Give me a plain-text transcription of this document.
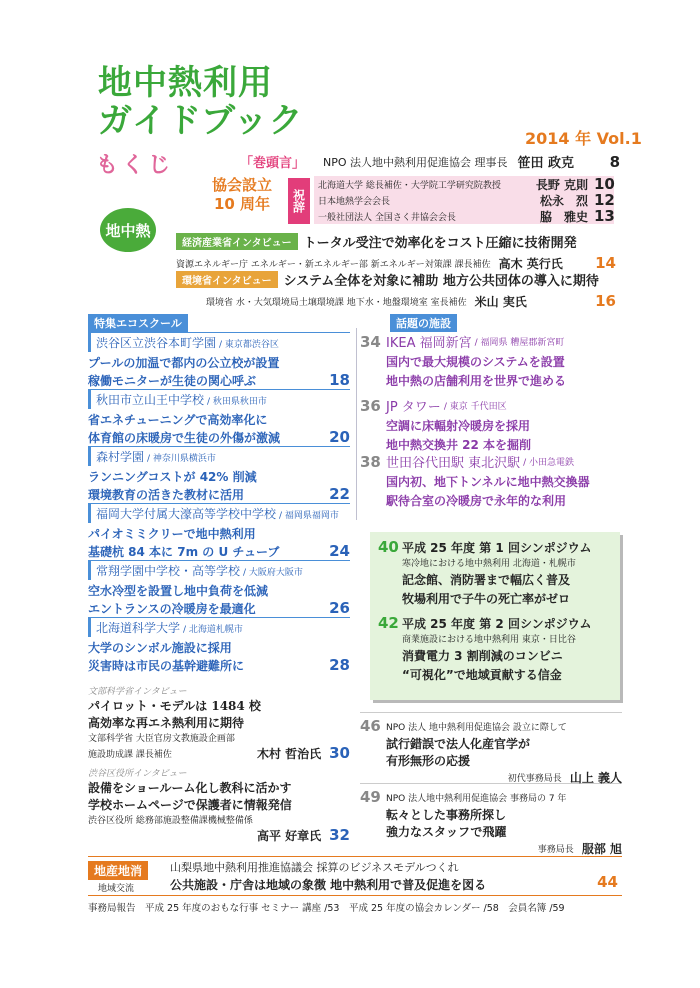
地中熱利用
ガイドブック	2014 年 Vol.1
もくじ
地中熱
「巻頭言」 NPO 法人地中熱利用促進協会 理事長 笹田 政克 8
協会設立
10 周年 祝辞
北海道大学 総長補佐・大学院工学研究院教授	長野 克則 10
日本地熱学会会長	松永　烈 12
一般社団法人 全国さく井協会会長	脇　雅史 13
経済産業省インタビュー トータル受注で効率化をコスト圧縮に技術開発
資源エネルギー庁 エネルギー・新エネルギー部 新エネルギー対策課 課長補佐 高木 英行氏 14
環境省インタビュー システム全体を対象に補助 地方公共団体の導入に期待
環境省 水・大気環境局土壌環境課 地下水・地盤環境室 室長補佐 米山 実氏	16
特集エコスクール
渋谷区立渋谷本町学園 / 東京都渋谷区
プールの加温で都内の公立校が設置
稼働モニターが生徒の関心呼ぶ	18
秋田市立山王中学校 / 秋田県秋田市
省エネチューニングで高効率化に
体育館の床暖房で生徒の外傷が激減	20
森村学園 / 神奈川県横浜市
ランニングコストが 42% 削減
環境教育の活きた教材に活用	22
福岡大学付属大濠高等学校中学校 / 福岡県福岡市
パイオミミクリーで地中熱利用
基礎杭 84 本に 7m の U チューブ	24
常翔学園中学校・高等学校 / 大阪府大阪市
空水冷型を設置し地中負荷を低減
エントランスの冷暖房を最適化	26
北海道科学大学 / 北海道札幌市
大学のシンボル施設に採用
災害時は市民の基幹避難所に	28
文部科学省インタビュー
パイロット・モデルは 1484 校
高効率な再エネ熱利用に期待
文部科学省 大臣官房文教施設企画部
施設助成課 課長補佐	木村 哲治氏 30
渋谷区役所インタビュー
設備をショールーム化し教科に活かす
学校ホームページで保護者に情報発信
渋谷区役所 総務部施設整備課機械整備係
高平 好章氏 32
話題の施設
34 IKEA 福岡新宮 / 福岡県 糟屋郡新宮町
国内で最大規模のシステムを設置
地中熱の店舗利用を世界で進める
36 JP タワー / 東京 千代田区
空調に床輻射冷暖房を採用
地中熱交換井 22 本を掘削
38 世田谷代田駅 東北沢駅 / 小田急電鉄
国内初、地下トンネルに地中熱交換器
駅待合室の冷暖房で永年的な利用
40 平成 25 年度 第 1 回シンポジウム
寒冷地における地中熱利用 北海道・札幌市
記念館、消防署まで幅広く普及
牧場利用で子牛の死亡率がゼロ
42 平成 25 年度 第 2 回シンポジウム
商業施設における地中熱利用 東京・日比谷
消費電力 3 割削減のコンビニ
“可視化”で地域貢献する信金
46 NPO 法人 地中熱利用促進協会 設立に際して
試行錯誤で法人化産官学が
有形無形の応援
初代事務局長 山上 義人
49 NPO 法人地中熱利用促進協会 事務局の 7 年
転々とした事務所探し
強力なスタッフで飛躍
事務局長 服部 旭
地産地消
地域交流
山梨県地中熱利用推進協議会 採算のビジネスモデルつくれ
公共施設・庁舎は地域の象徴 地中熱利用で普及促進を図る	44
事務局報告　平成 25 年度のおもな行事 セミナー 講座 /53　平成 25 年度の協会カレンダー /58　会員名簿 /59
